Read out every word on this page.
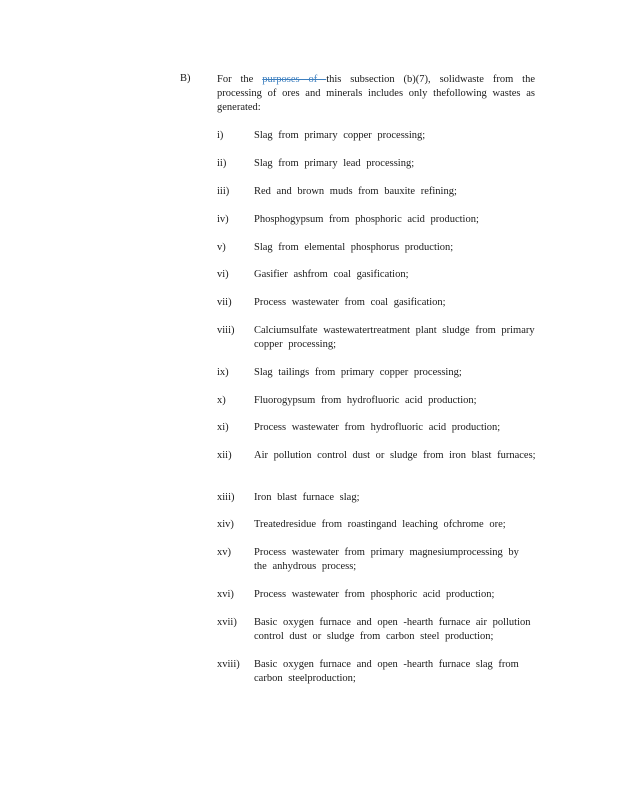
B)	For the purposes of this subsection (b)(7), solidwaste from the processing of ores and minerals includes only thefollowing wastes as generated:
i)	Slag from primary copper processing;
ii)	Slag from primary lead processing;
iii) Red and brown muds from bauxite refining;
iv) Phosphogypsum from phosphoric acid production;
v)	Slag from elemental phosphorus production;
vi) Gasifier ashfrom coal gasification;
vii) Process wastewater from coal gasification;
viii) Calciumsulfate wastewatertreatment plant sludge from primary copper processing;
ix) Slag tailings from primary copper processing;
x)	Fluorogypsum from hydrofluoric acid production;
xi) Process wastewater from hydrofluoric acid production;
xii) Air pollution control dust or sludge from iron blast furnaces;
xiii) Iron blast furnace slag;
xiv) Treatedresidue from roastingand leaching ofchrome ore;
xv) Process wastewater from primary magnesiumprocessing by the anhydrous process;
xvi) Process wastewater from phosphoric acid production;
xvii) Basic oxygen furnace and open -hearth furnace air pollution control dust or sludge from carbon steel production;
xviii) Basic oxygen furnace and open -hearth furnace slag from carbon steelproduction;
